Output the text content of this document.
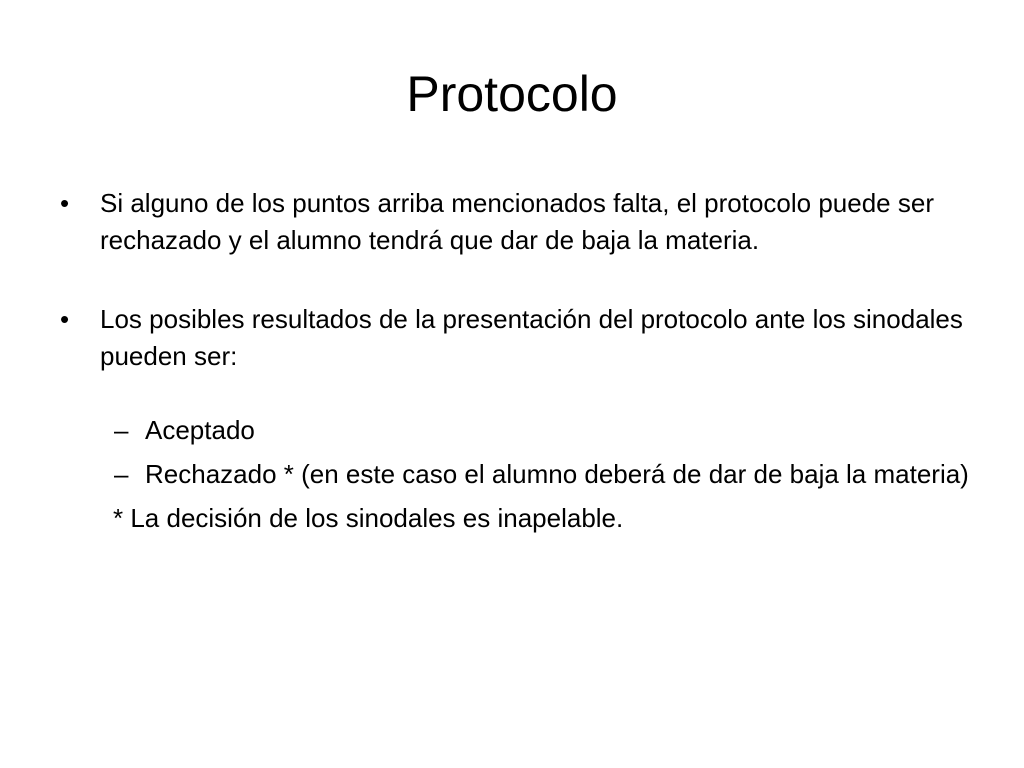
Protocolo

•	Si alguno de los puntos arriba mencionados falta, el protocolo puede ser rechazado y el alumno tendrá que dar de baja la materia.

•	Los posibles resultados de la presentación del protocolo ante los sinodales pueden ser:

– Aceptado

– Rechazado * (en este caso el alumno deberá de dar de baja la materia)

* La decisión de los sinodales es inapelable.
